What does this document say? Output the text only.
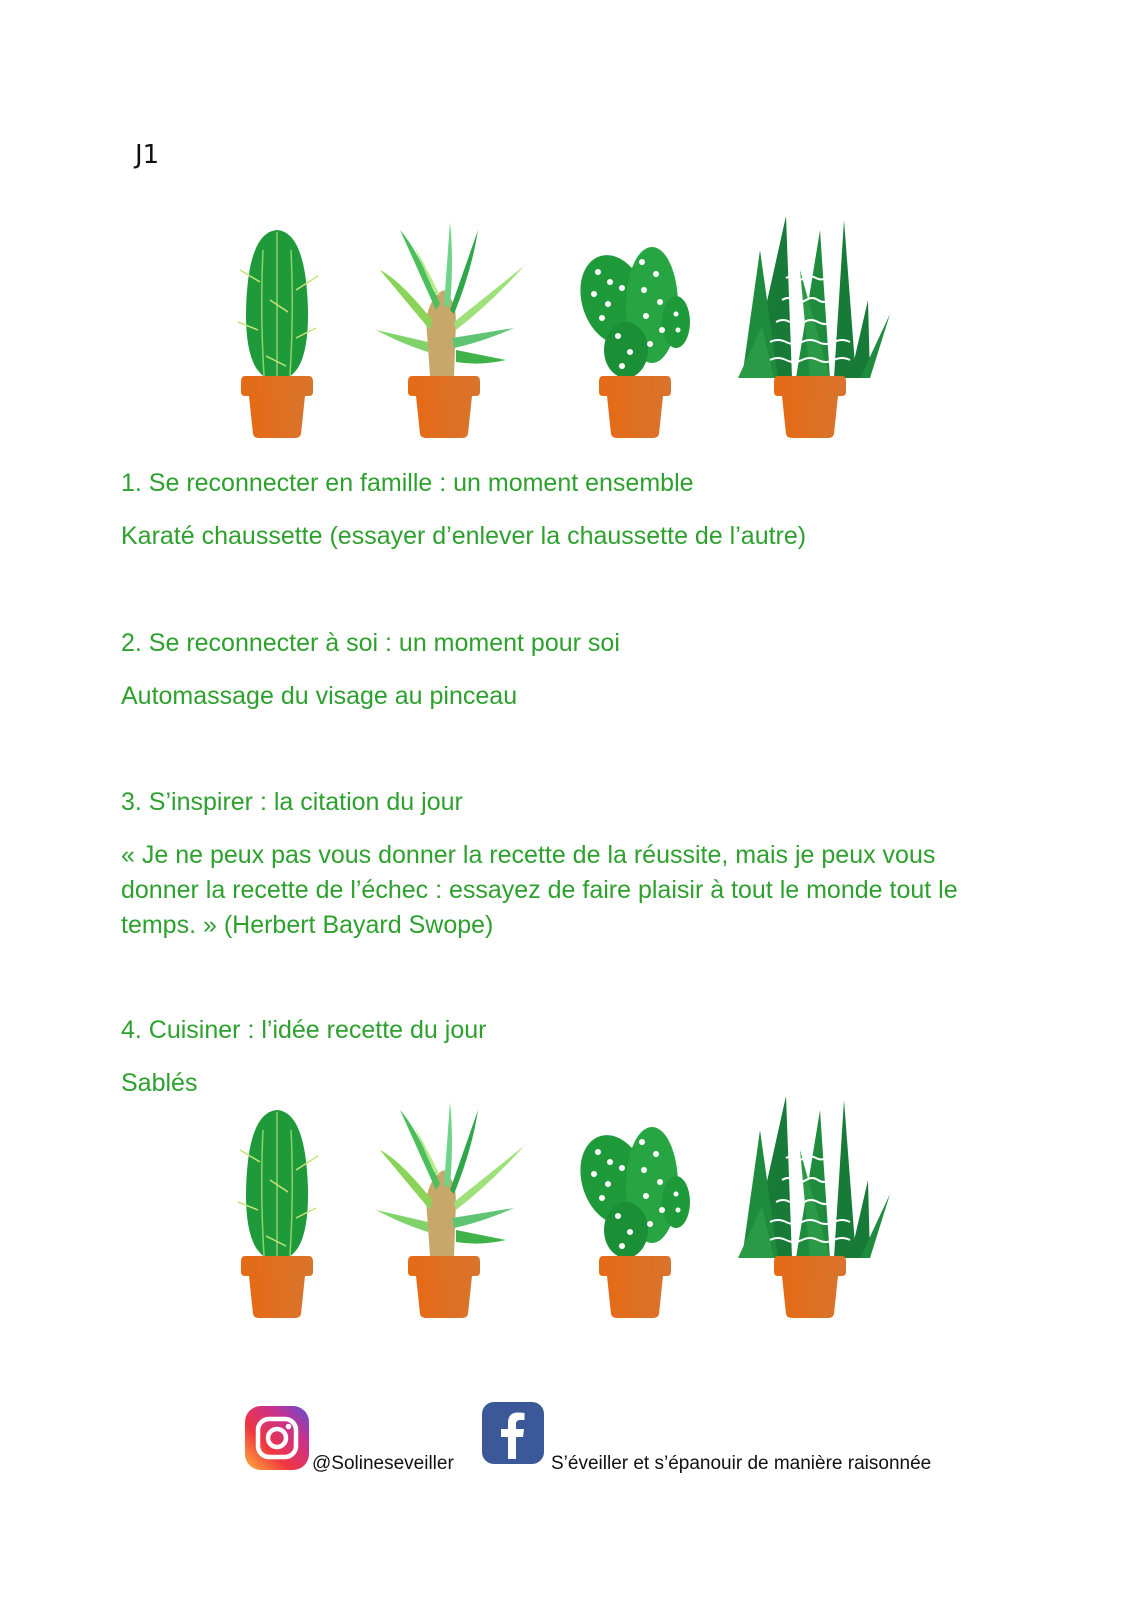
J1
1. Se reconnecter en famille : un moment ensemble
Karaté chaussette (essayer d’enlever la chaussette de l’autre)
2. Se reconnecter à soi : un moment pour soi
Automassage du visage au pinceau
3. S’inspirer : la citation du jour
« Je ne peux pas vous donner la recette de la réussite, mais je peux vous donner la recette de l’échec : essayez de faire plaisir à tout le monde tout le temps. » (Herbert Bayard Swope)
4. Cuisiner : l’idée recette du jour
Sablés
@Solineseveiller	S’éveiller et s’épanouir de manière raisonnée
